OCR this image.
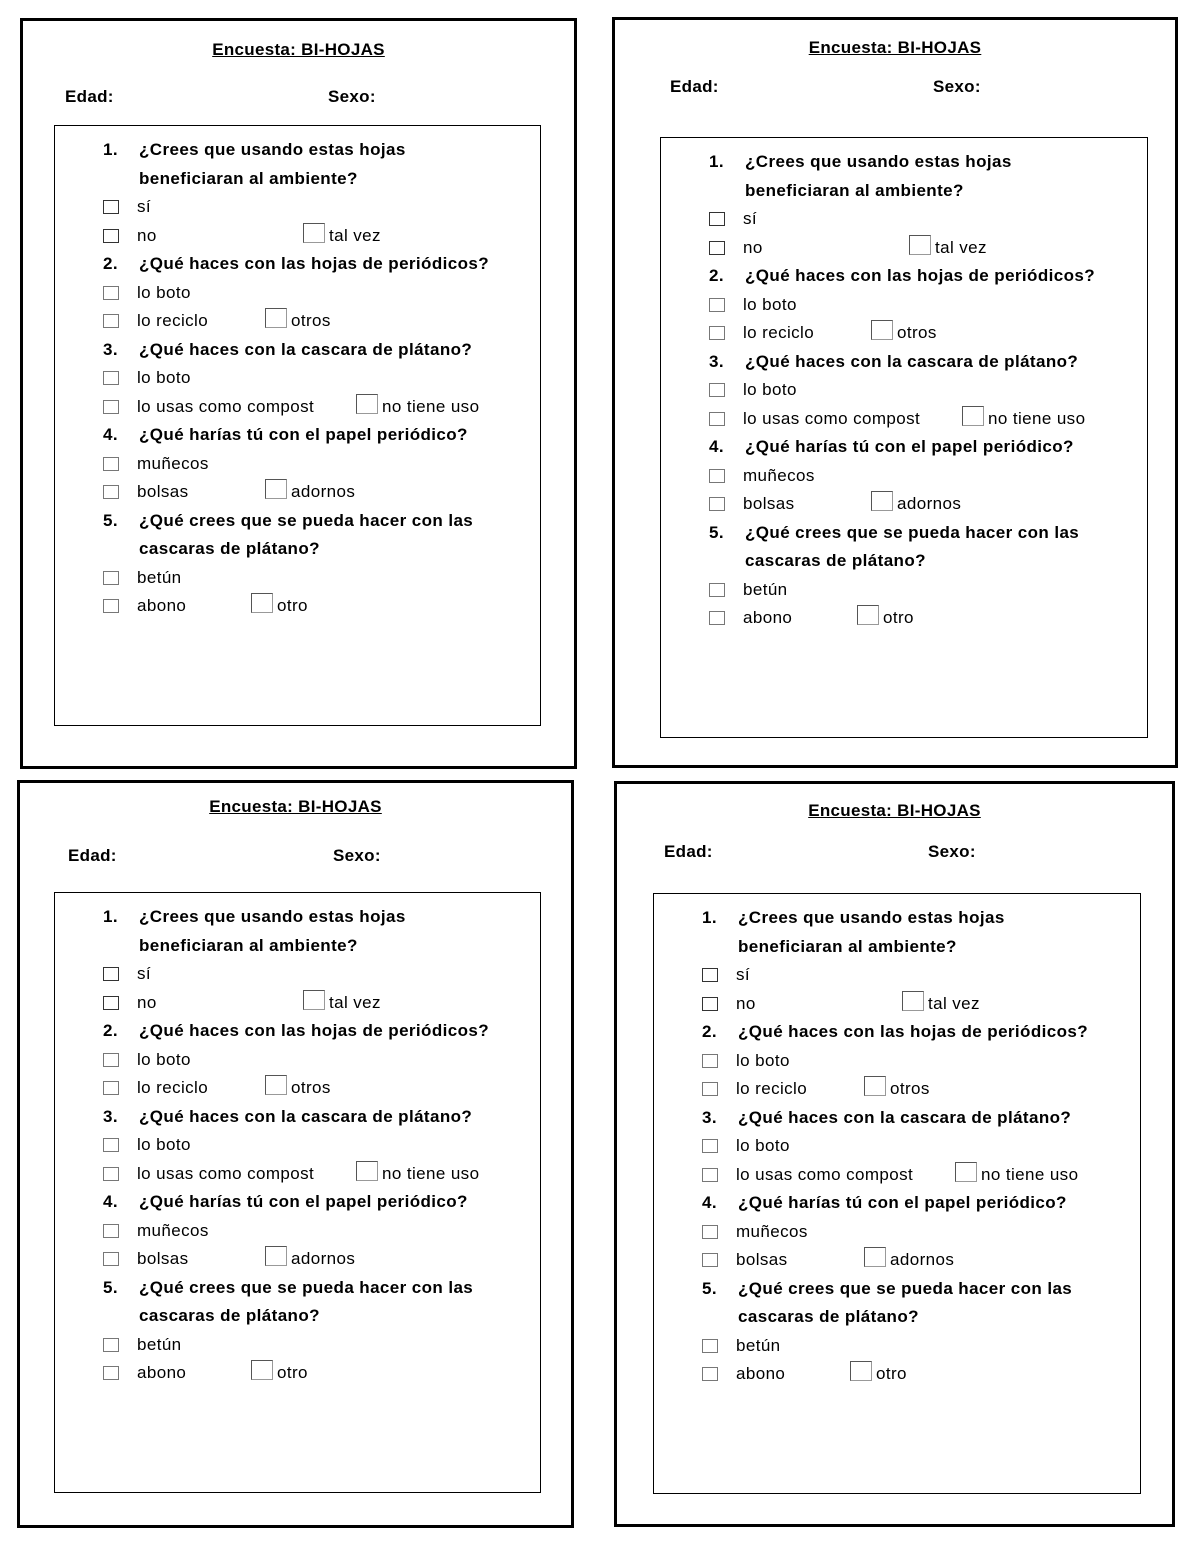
Encuesta: BI-HOJAS
Edad:	Sexo:
1.	¿Crees que usando estas hojas
beneficiaran al ambiente?
sí
no	tal vez
2.	¿Qué haces con las hojas de periódicos?
lo boto
lo reciclo	otros
3.	¿Qué haces con la cascara de plátano?
lo boto
lo usas como compost	no tiene uso
4.	¿Qué harías tú con el papel periódico?
muñecos
bolsas	adornos
5.	¿Qué crees que se pueda hacer con las
cascaras de plátano?
betún
abono	otro
Encuesta: BI-HOJAS
Edad:	Sexo:
1.	¿Crees que usando estas hojas
beneficiaran al ambiente?
sí
no	tal vez
2.	¿Qué haces con las hojas de periódicos?
lo boto
lo reciclo	otros
3.	¿Qué haces con la cascara de plátano?
lo boto
lo usas como compost	no tiene uso
4.	¿Qué harías tú con el papel periódico?
muñecos
bolsas	adornos
5.	¿Qué crees que se pueda hacer con las
cascaras de plátano?
betún
abono	otro
Encuesta: BI-HOJAS
Edad:	Sexo:
1.	¿Crees que usando estas hojas
beneficiaran al ambiente?
sí
no	tal vez
2.	¿Qué haces con las hojas de periódicos?
lo boto
lo reciclo	otros
3.	¿Qué haces con la cascara de plátano?
lo boto
lo usas como compost	no tiene uso
4.	¿Qué harías tú con el papel periódico?
muñecos
bolsas	adornos
5.	¿Qué crees que se pueda hacer con las
cascaras de plátano?
betún
abono	otro
Encuesta: BI-HOJAS
Edad:	Sexo:
1.	¿Crees que usando estas hojas
beneficiaran al ambiente?
sí
no	tal vez
2.	¿Qué haces con las hojas de periódicos?
lo boto
lo reciclo	otros
3.	¿Qué haces con la cascara de plátano?
lo boto
lo usas como compost	no tiene uso
4.	¿Qué harías tú con el papel periódico?
muñecos
bolsas	adornos
5.	¿Qué crees que se pueda hacer con las
cascaras de plátano?
betún
abono	otro
